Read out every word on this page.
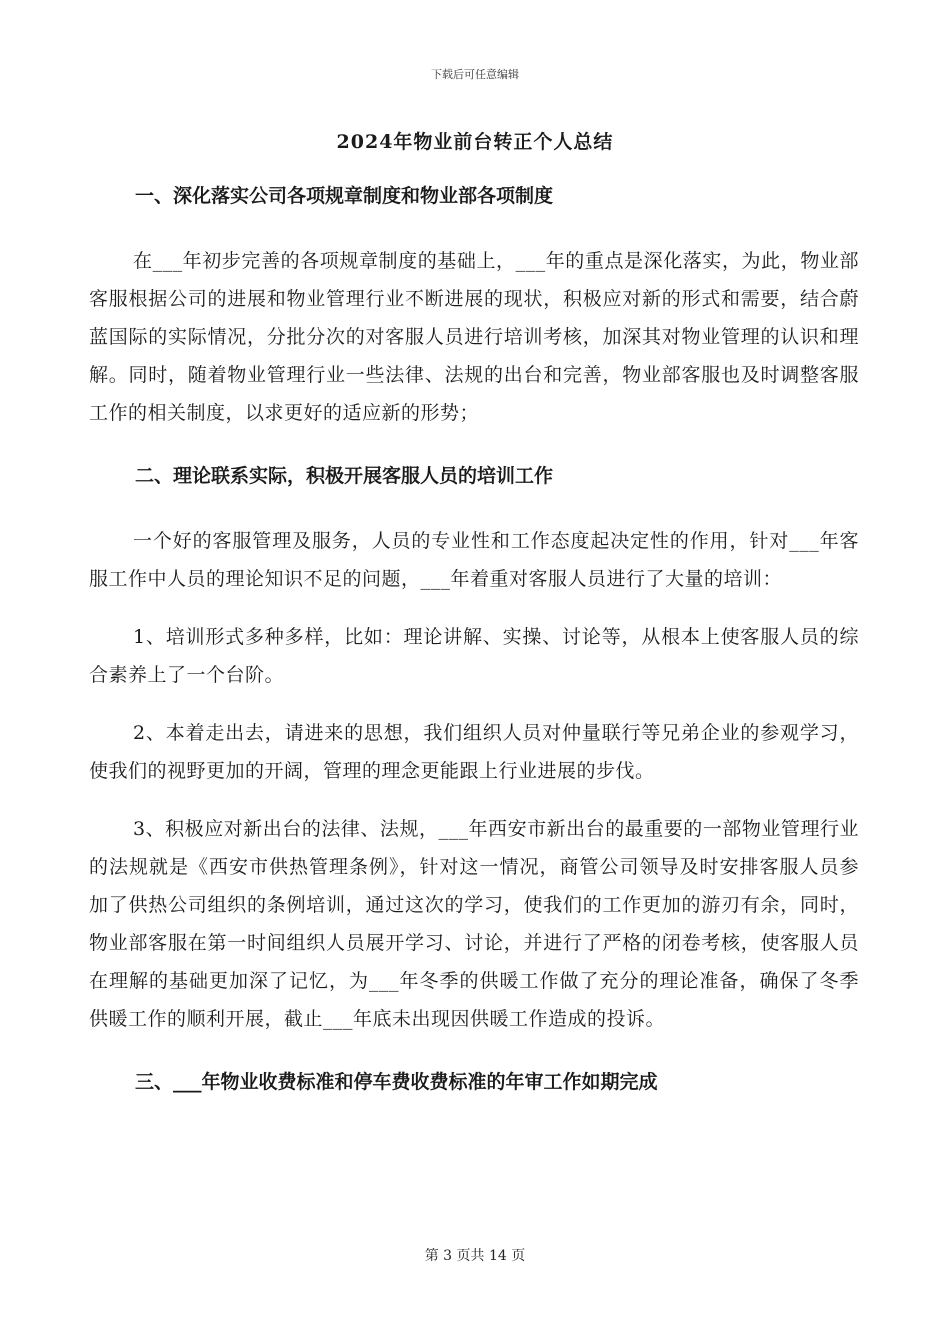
下载后可任意编辑
2024年物业前台转正个人总结
一、深化落实公司各项规章制度和物业部各项制度

在___年初步完善的各项规章制度的基础上，___年的重点是深化落实，为此，物业部客服根据公司的进展和物业管理行业不断进展的现状，积极应对新的形式和需要，结合蔚蓝国际的实际情况，分批分次的对客服人员进行培训考核，加深其对物业管理的认识和理解。同时，随着物业管理行业一些法律、法规的出台和完善，物业部客服也及时调整客服工作的相关制度，以求更好的适应新的形势；

二、理论联系实际，积极开展客服人员的培训工作

一个好的客服管理及服务，人员的专业性和工作态度起决定性的作用，针对___年客服工作中人员的理论知识不足的问题，___年着重对客服人员进行了大量的培训：

1、培训形式多种多样，比如：理论讲解、实操、讨论等，从根本上使客服人员的综合素养上了一个台阶。

2、本着走出去，请进来的思想，我们组织人员对仲量联行等兄弟企业的参观学习，使我们的视野更加的开阔，管理的理念更能跟上行业进展的步伐。

3、积极应对新出台的法律、法规，___年西安市新出台的最重要的一部物业管理行业的法规就是《西安市供热管理条例》，针对这一情况，商管公司领导及时安排客服人员参加了供热公司组织的条例培训，通过这次的学习，使我们的工作更加的游刃有余，同时，物业部客服在第一时间组织人员展开学习、讨论，并进行了严格的闭卷考核，使客服人员在理解的基础更加深了记忆，为___年冬季的供暖工作做了充分的理论准备，确保了冬季供暖工作的顺利开展，截止___年底未出现因供暖工作造成的投诉。

三、___年物业收费标准和停车费收费标准的年审工作如期完成
第 3 页共 14 页
